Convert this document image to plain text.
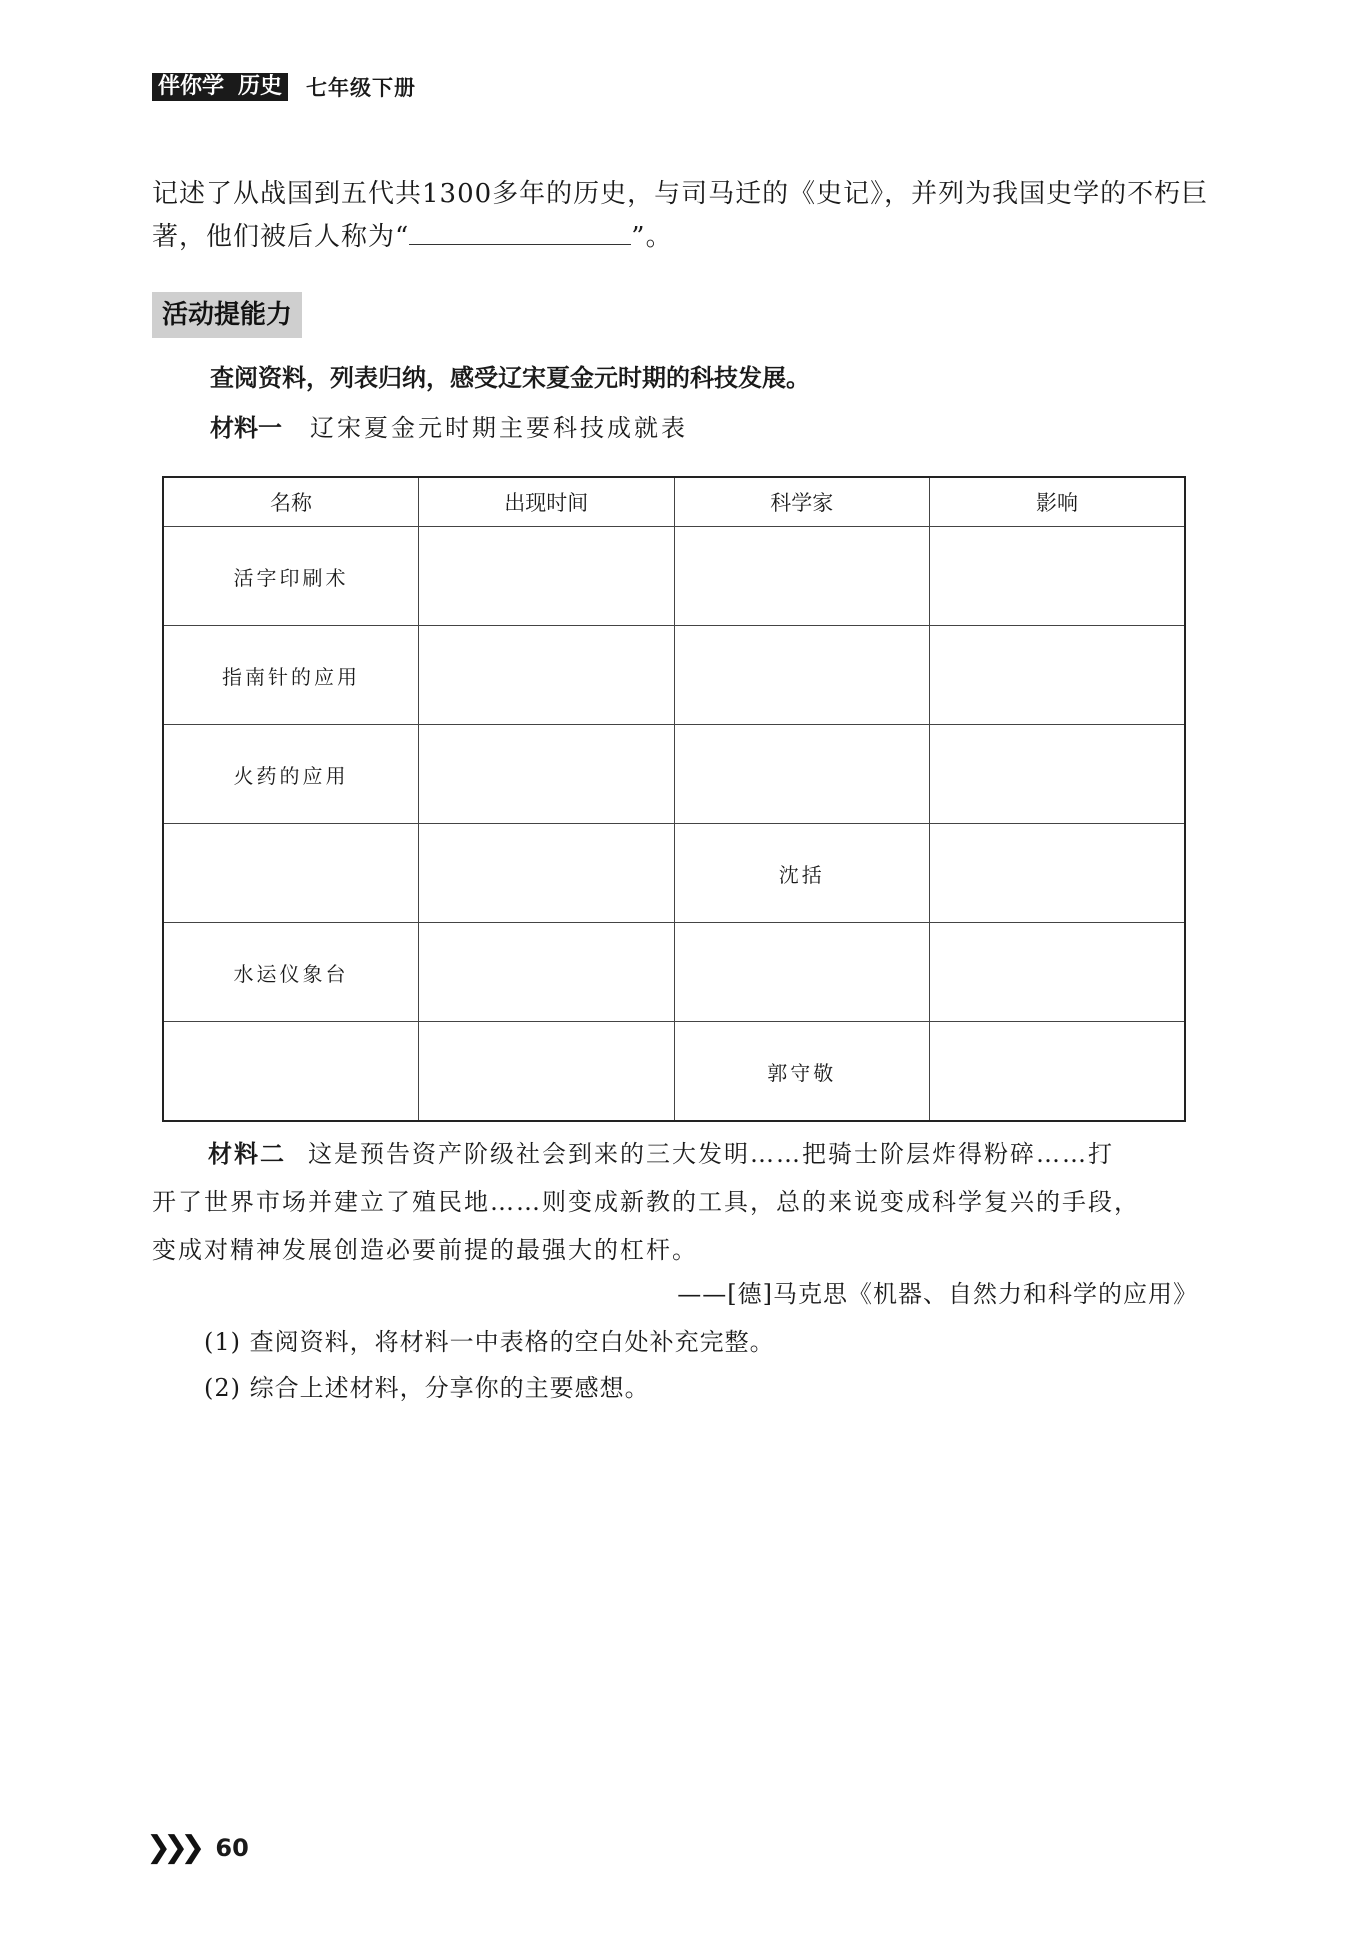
伴你学 历史 七年级下册
记述了从战国到五代共1300多年的历史，与司马迁的《史记》，并列为我国史学的不朽巨
著，他们被后人称为“	”。
活动提能力
查阅资料，列表归纳，感受辽宋夏金元时期的科技发展。
材料一 辽宋夏金元时期主要科技成就表
名称	出现时间	科学家	影响
活字印刷术			
指南针的应用			
火药的应用			
		沈括	
水运仪象台			
		郭守敬	
材料二 这是预告资产阶级社会到来的三大发明……把骑士阶层炸得粉碎……打
开了世界市场并建立了殖民地……则变成新教的工具，总的来说变成科学复兴的手段，
变成对精神发展创造必要前提的最强大的杠杆。
——[德]马克思《机器、自然力和科学的应用》
(1) 查阅资料，将材料一中表格的空白处补充完整。
(2) 综合上述材料，分享你的主要感想。
❯❯❯ 60
